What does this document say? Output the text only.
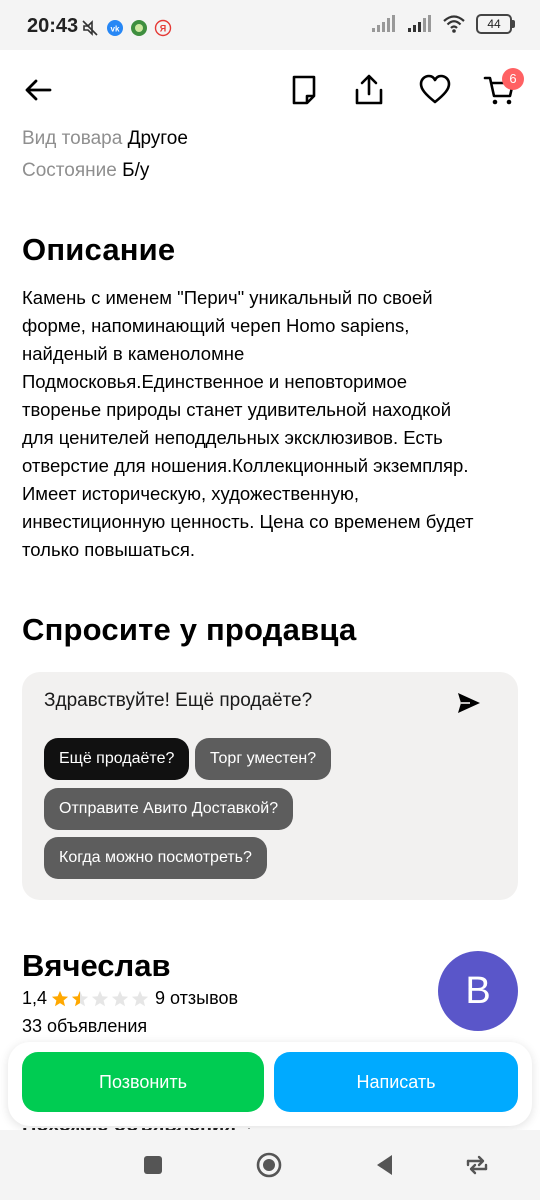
20:43	vk	Я	44
6
Вид товара Другое
Состояние Б/у
Описание
Камень с именем "Перич" уникальный по своей
форме, напоминающий череп Homo sapiens,
найденый в каменоломне
Подмосковья.Единственное и неповторимое
творенье природы станет удивительной находкой
для ценителей неподдельных эксклюзивов. Есть
отверстие для ношения.Коллекционный экземпляр.
Имеет историческую, художественную,
инвестиционную ценность. Цена со временем будет
только повышаться.
Спросите у продавца
Здравствуйте! Ещё продаёте?
Ещё продаёте?	Торг уместен?
Отправите Авито Доставкой?
Когда можно посмотреть?
Вячеслав
1,4	9 отзывов
33 объявления
В
Позвонить	Написать
